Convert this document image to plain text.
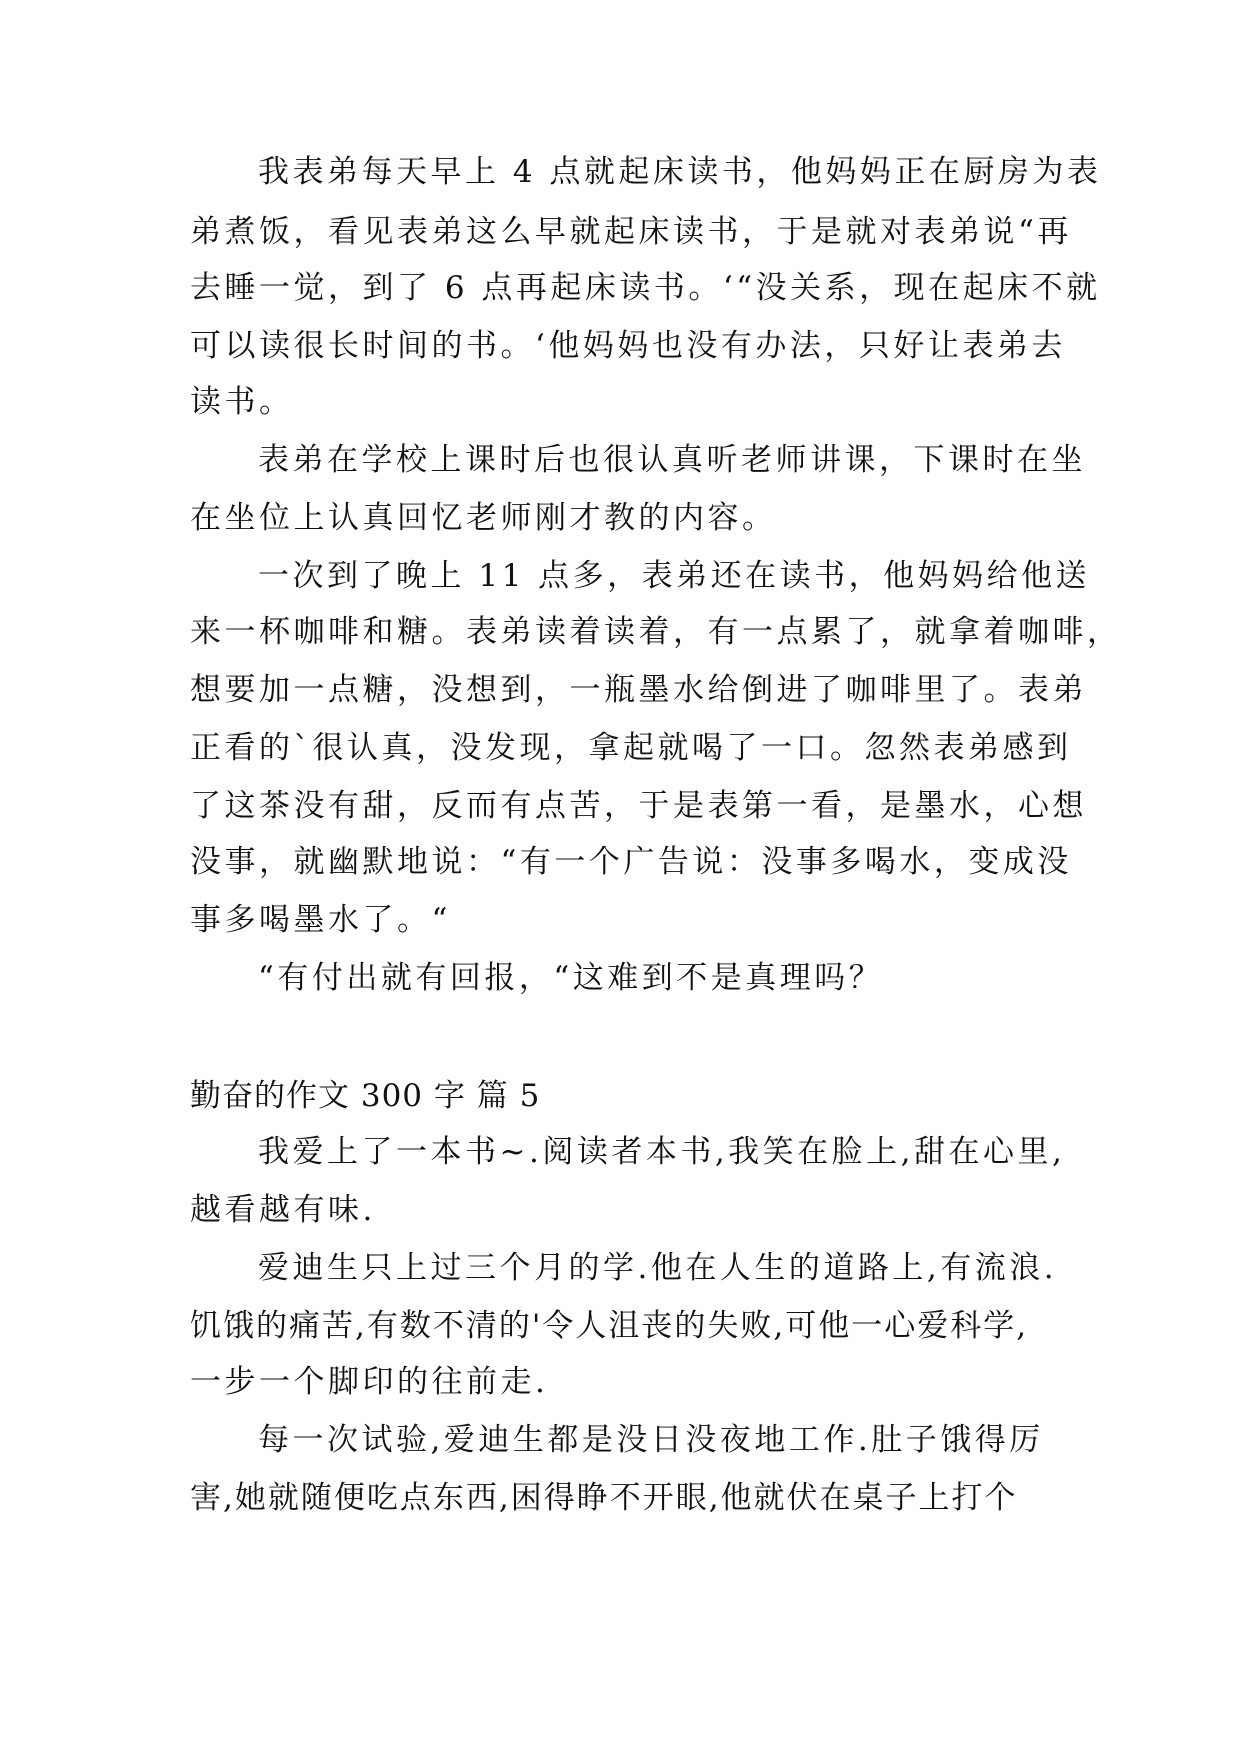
我表弟每天早上 4 点就起床读书，他妈妈正在厨房为表
弟煮饭，看见表弟这么早就起床读书，于是就对表弟说“再
去睡一觉，到了 6 点再起床读书。‘“没关系，现在起床不就
可以读很长时间的书。‘他妈妈也没有办法，只好让表弟去
读书。
表弟在学校上课时后也很认真听老师讲课，下课时在坐
在坐位上认真回忆老师刚才教的内容。
一次到了晚上 11 点多，表弟还在读书，他妈妈给他送
来一杯咖啡和糖。表弟读着读着，有一点累了，就拿着咖啡，
想要加一点糖，没想到，一瓶墨水给倒进了咖啡里了。表弟
正看的`很认真，没发现，拿起就喝了一口。忽然表弟感到
了这茶没有甜，反而有点苦，于是表第一看，是墨水，心想
没事，就幽默地说：“有一个广告说：没事多喝水，变成没
事多喝墨水了。“
“有付出就有回报，“这难到不是真理吗？
勤奋的作文 300 字 篇 5
我爱上了一本书~.阅读者本书,我笑在脸上,甜在心里,
越看越有味.
爱迪生只上过三个月的学.他在人生的道路上,有流浪.
饥饿的痛苦,有数不清的'令人沮丧的失败,可他一心爱科学,
一步一个脚印的往前走.
每一次试验,爱迪生都是没日没夜地工作.肚子饿得厉
害,她就随便吃点东西,困得睁不开眼,他就伏在桌子上打个
